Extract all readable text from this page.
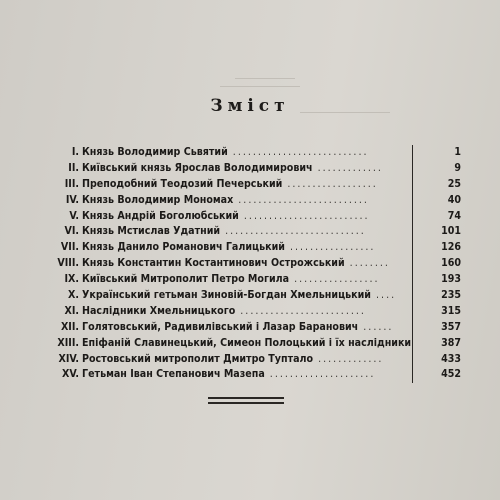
Зміст
I. Князь Володимир Сьвятий ...........................	1
II. Київський князь Ярослав Володимирович .............	9
III. Преподобний Теодозий Печерський ..................	25
IV. Князь Володимир Мономах ..........................	40
V. Князь Андрій Боголюбський .........................	74
VI. Князь Мстислав Удатний ............................	101
VII. Князь Данило Романович Галицький .................	126
VIII. Князь Константин Костантинович Острожський ........	160
IX. Київський Митрополит Петро Могила .................	193
X. Український гетьман Зиновій-Богдан Хмельницький ....	235
XI. Наслідники Хмельницького .........................	315
XII. Голятовський, Радивилівський і Лазар Баранович ......	357
XIII. Епіфаній Славинецький, Симеон Полоцький і їх наслідники	387
XIV. Ростовський митрополит Дмитро Туптало .............	433
XV. Гетьман Іван Степанович Мазепа .....................	452
